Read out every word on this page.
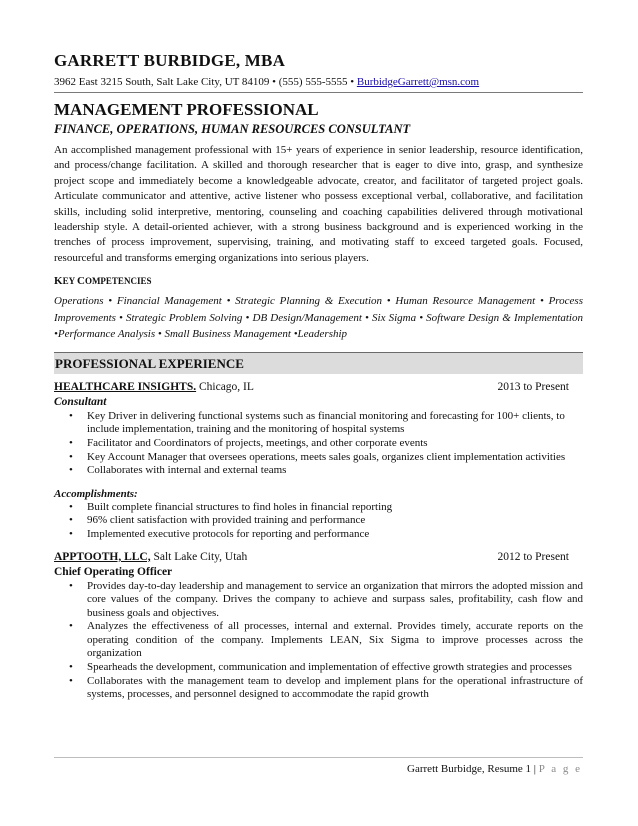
GARRETT BURBIDGE, MBA
3962 East 3215 South, Salt Lake City, UT 84109 • (555) 555-5555 • BurbidgeGarrett@msn.com
MANAGEMENT PROFESSIONAL
FINANCE, OPERATIONS, HUMAN RESOURCES CONSULTANT
An accomplished management professional with 15+ years of experience in senior leadership, resource identification, and process/change facilitation. A skilled and thorough researcher that is eager to dive into, grasp, and synthesize project scope and immediately become a knowledgeable advocate, creator, and facilitator of targeted project goals. Articulate communicator and attentive, active listener who possess exceptional verbal, collaborative, and facilitation skills, including solid interpretive, mentoring, counseling and coaching capabilities delivered through motivational leadership style. A detail-oriented achiever, with a strong business background and is experienced working in the trenches of process improvement, supervising, training, and motivating staff to exceed targeted goals. Focused, resourceful and transforms emerging organizations into serious players.
KEY COMPETENCIES
Operations • Financial Management • Strategic Planning & Execution • Human Resource Management • Process Improvements • Strategic Problem Solving • DB Design/Management • Six Sigma • Software Design & Implementation •Performance Analysis • Small Business Management •Leadership
PROFESSIONAL EXPERIENCE
HEALTHCARE INSIGHTS. Chicago, IL	2013 to Present
Consultant
• Key Driver in delivering functional systems such as financial monitoring and forecasting for 100+ clients, to include implementation, training and the monitoring of hospital systems
• Facilitator and Coordinators of projects, meetings, and other corporate events
• Key Account Manager that oversees operations, meets sales goals, organizes client implementation activities
• Collaborates with internal and external teams
Accomplishments:
• Built complete financial structures to find holes in financial reporting
• 96% client satisfaction with provided training and performance
• Implemented executive protocols for reporting and performance
APPTOOTH, LLC, Salt Lake City, Utah	2012 to Present
Chief Operating Officer
• Provides day-to-day leadership and management to service an organization that mirrors the adopted mission and core values of the company. Drives the company to achieve and surpass sales, profitability, cash flow and business goals and objectives.
• Analyzes the effectiveness of all processes, internal and external. Provides timely, accurate reports on the operating condition of the company. Implements LEAN, Six Sigma to improve processes across the organization
• Spearheads the development, communication and implementation of effective growth strategies and processes
• Collaborates with the management team to develop and implement plans for the operational infrastructure of systems, processes, and personnel designed to accommodate the rapid growth
Garrett Burbidge, Resume 1 | P a g e
